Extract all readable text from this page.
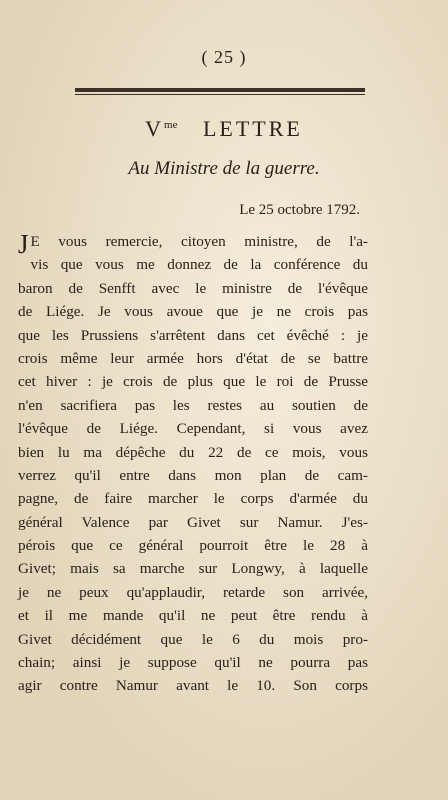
( 25 )
$V^{me}$ LETTRE
Au Ministre de la guerre.
Le 25 octobre 1792.
J E vous remercie, citoyen ministre, de l'a-
vis que vous me donnez de la conférence du
baron de Senfft avec le ministre de l'évêque
de Liége. Je vous avoue que je ne crois pas
que les Prussiens s'arrêtent dans cet évêché : je
crois même leur armée hors d'état de se battre
cet hiver : je crois de plus que le roi de Prusse
n'en sacrifiera pas les restes au soutien de
l'évêque de Liége. Cependant, si vous avez
bien lu ma dépêche du 22 de ce mois, vous
verrez qu'il entre dans mon plan de cam-
pagne, de faire marcher le corps d'armée du
général Valence par Givet sur Namur. J'es-
pérois que ce général pourroit être le 28 à
Givet; mais sa marche sur Longwy, à laquelle
je ne peux qu'applaudir, retarde son arrivée,
et il me mande qu'il ne peut être rendu à
Givet décidément que le 6 du mois pro-
chain; ainsi je suppose qu'il ne pourra pas
agir contre Namur avant le 10. Son corps
